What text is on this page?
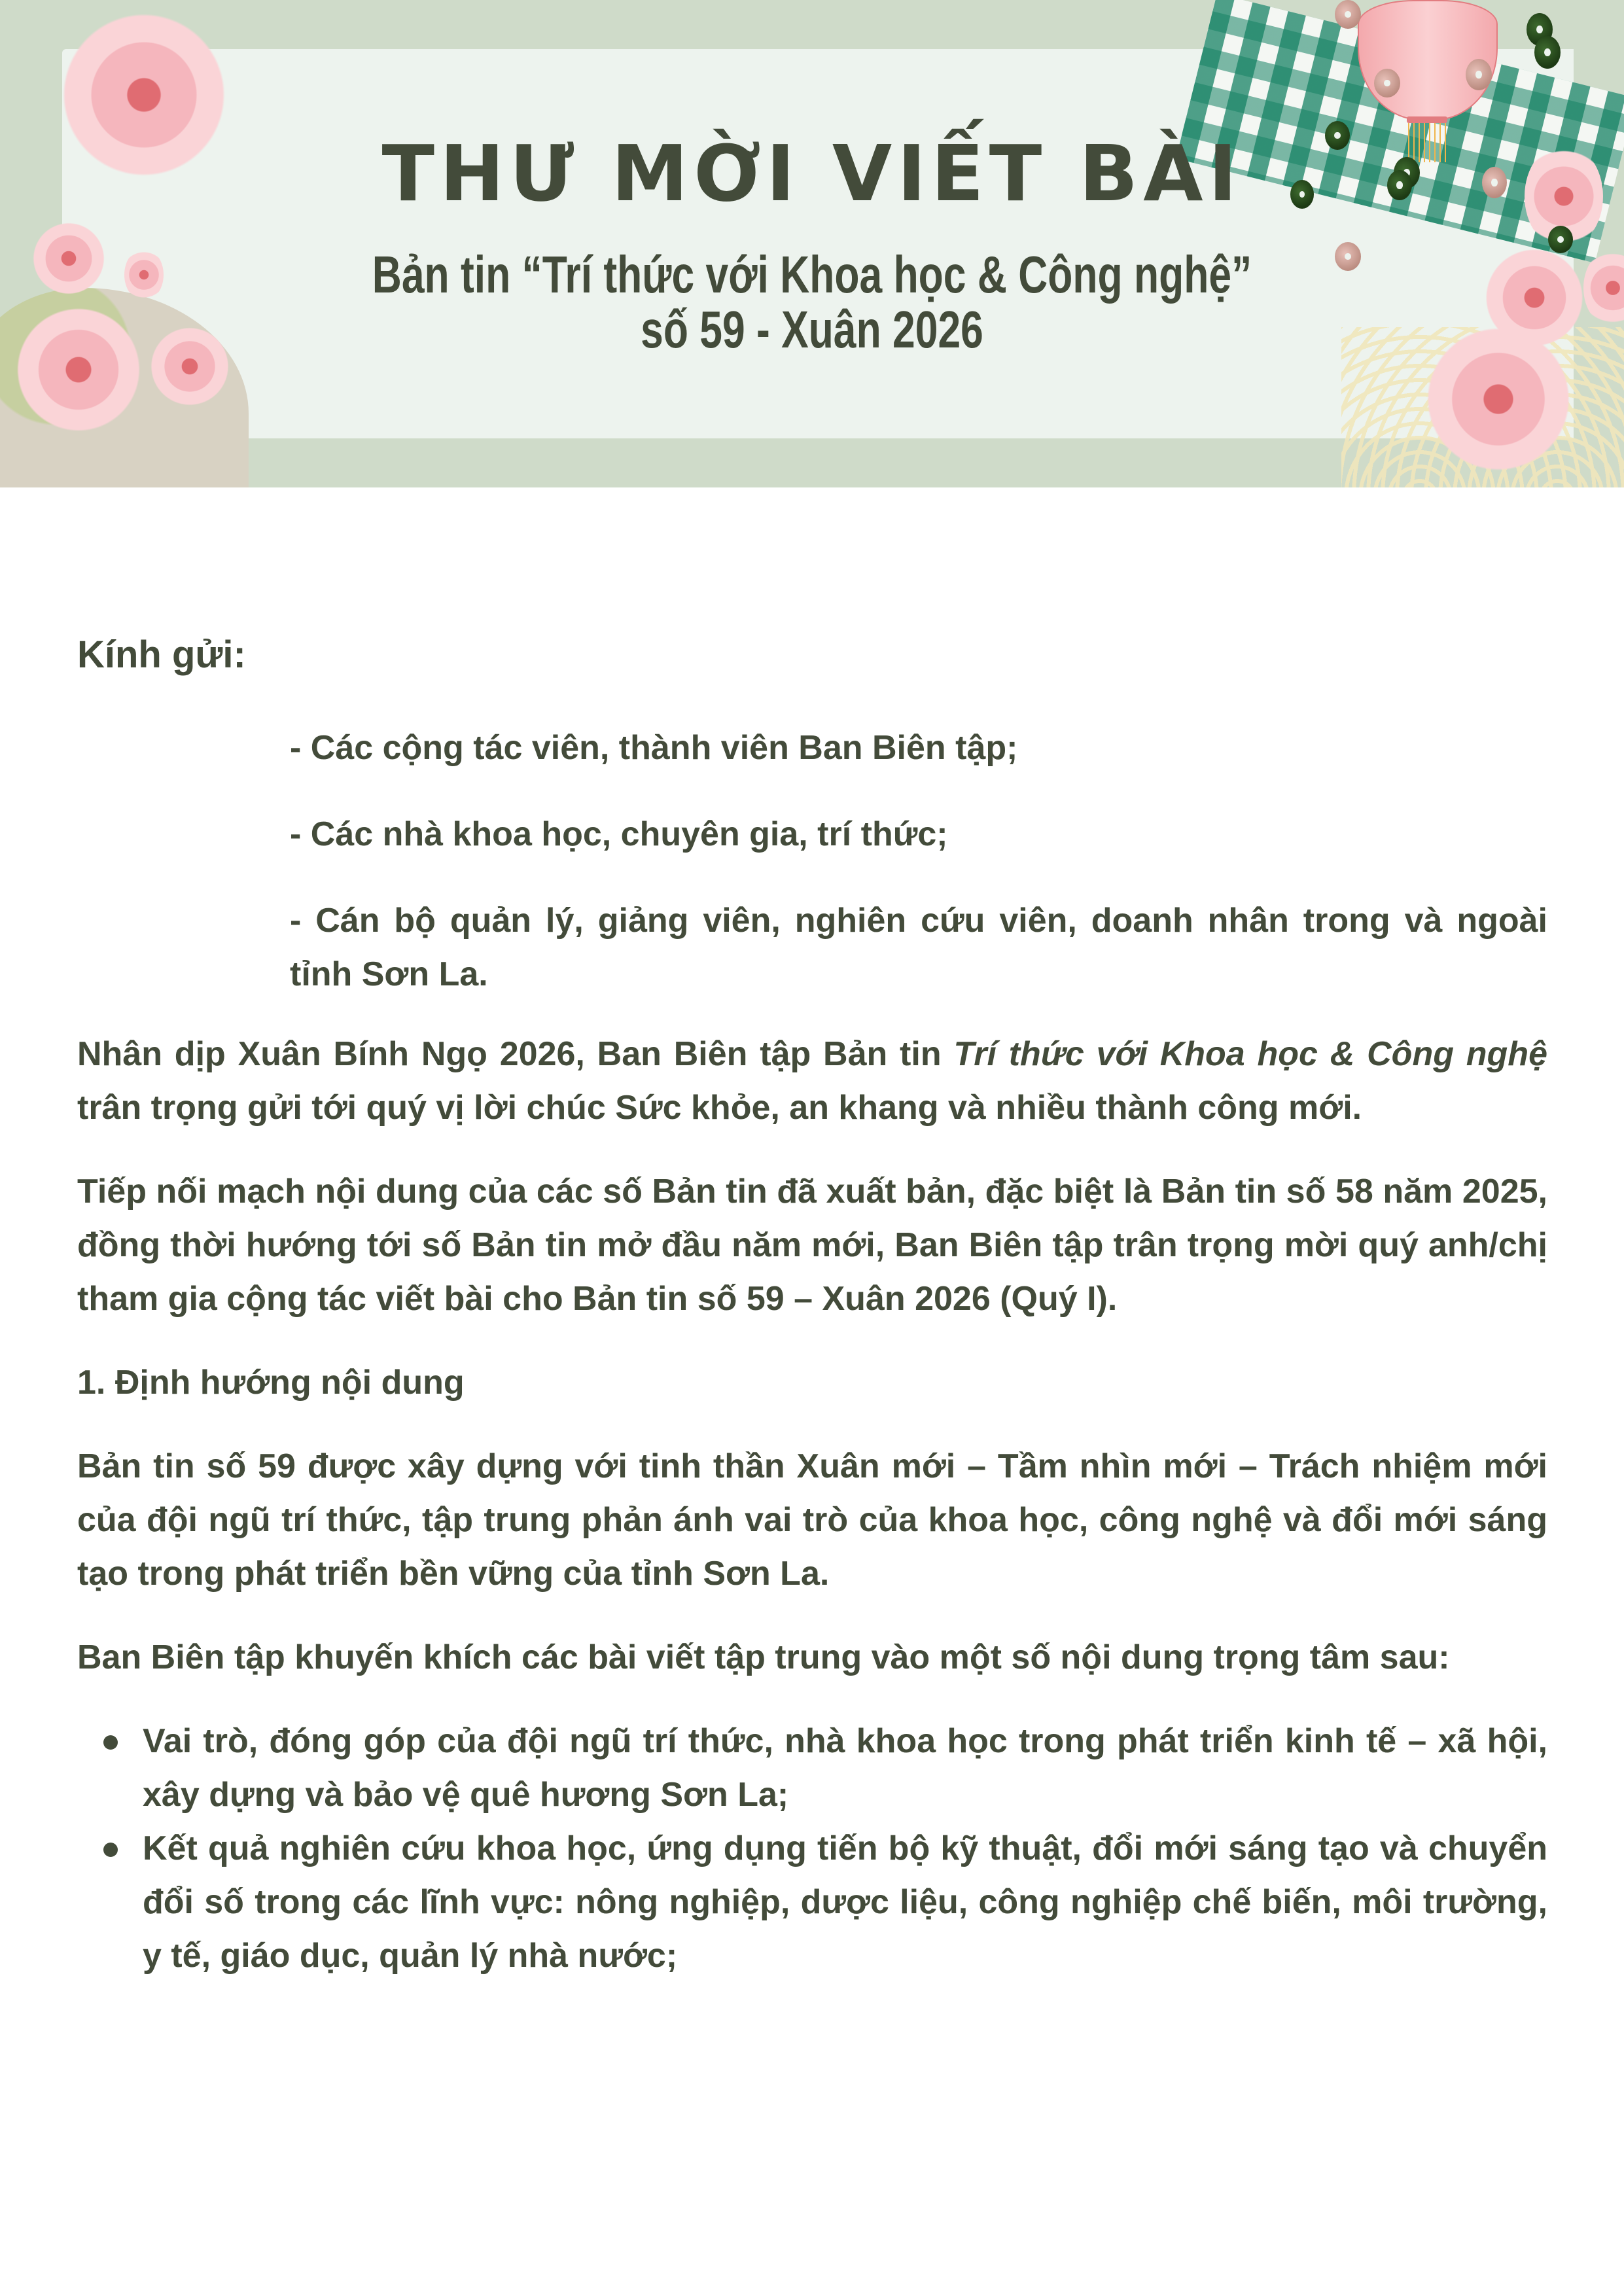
THƯ MỜI VIẾT BÀI
Bản tin “Trí thức với Khoa học & Công nghệ”
số 59 - Xuân 2026

Kính gửi:

- Các cộng tác viên, thành viên Ban Biên tập;

- Các nhà khoa học, chuyên gia, trí thức;

- Cán bộ quản lý, giảng viên, nghiên cứu viên, doanh nhân trong và ngoài tỉnh Sơn La.

Nhân dịp Xuân Bính Ngọ 2026, Ban Biên tập Bản tin Trí thức với Khoa học & Công nghệ trân trọng gửi tới quý vị lời chúc Sức khỏe, an khang và nhiều thành công mới.

Tiếp nối mạch nội dung của các số Bản tin đã xuất bản, đặc biệt là Bản tin số 58 năm 2025, đồng thời hướng tới số Bản tin mở đầu năm mới, Ban Biên tập trân trọng mời quý anh/chị tham gia cộng tác viết bài cho Bản tin số 59 – Xuân 2026 (Quý I).

1. Định hướng nội dung

Bản tin số 59 được xây dựng với tinh thần Xuân mới – Tầm nhìn mới – Trách nhiệm mới của đội ngũ trí thức, tập trung phản ánh vai trò của khoa học, công nghệ và đổi mới sáng tạo trong phát triển bền vững của tỉnh Sơn La.

Ban Biên tập khuyến khích các bài viết tập trung vào một số nội dung trọng tâm sau:

Vai trò, đóng góp của đội ngũ trí thức, nhà khoa học trong phát triển kinh tế – xã hội, xây dựng và bảo vệ quê hương Sơn La;
Kết quả nghiên cứu khoa học, ứng dụng tiến bộ kỹ thuật, đổi mới sáng tạo và chuyển đổi số trong các lĩnh vực: nông nghiệp, dược liệu, công nghiệp chế biến, môi trường, y tế, giáo dục, quản lý nhà nước;
